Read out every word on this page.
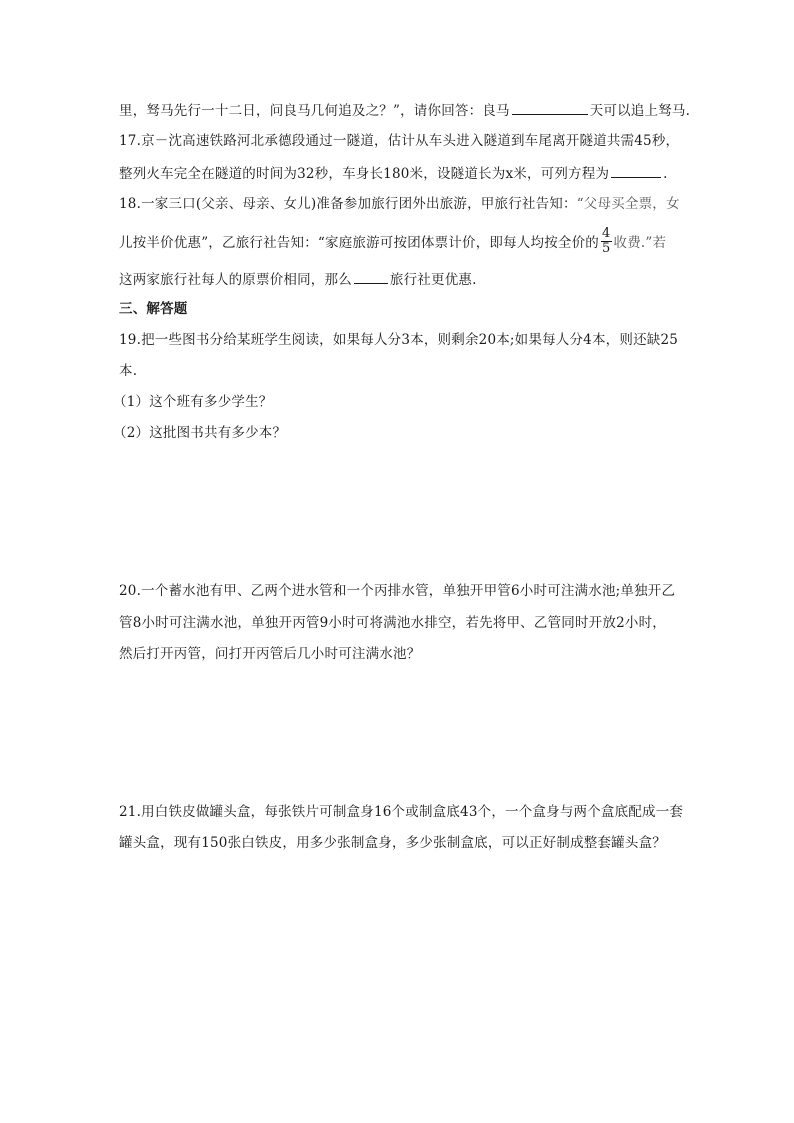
里，驽马先行一十二日，问良马几何追及之？”，请你回答：良马	天可以追上驽马.
17.京－沈高速铁路河北承德段通过一隧道，估计从车头进入隧道到车尾离开隧道共需45秒，
整列火车完全在隧道的时间为32秒，车身长180米，设隧道长为x米，可列方程为	.
18.一家三口(父亲、母亲、女儿)准备参加旅行团外出旅游，甲旅行社告知：“父母买全票，女
儿按半价优惠”，乙旅行社告知：“家庭旅游可按团体票计价，即每人均按全价的 $\frac{4}{5}$ 收费.”若
这两家旅行社每人的原票价相同，那么	旅行社更优惠.
三、解答题
19.把一些图书分给某班学生阅读，如果每人分3本，则剩余20本;如果每人分4本，则还缺25
本.
（1）这个班有多少学生？
（2）这批图书共有多少本？
20.一个蓄水池有甲、乙两个进水管和一个丙排水管，单独开甲管6小时可注满水池;单独开乙
管8小时可注满水池，单独开丙管9小时可将满池水排空，若先将甲、乙管同时开放2小时，
然后打开丙管，问打开丙管后几小时可注满水池？
21.用白铁皮做罐头盒，每张铁片可制盒身16个或制盒底43个，一个盒身与两个盒底配成一套
罐头盒，现有150张白铁皮，用多少张制盒身，多少张制盒底，可以正好制成整套罐头盒？
